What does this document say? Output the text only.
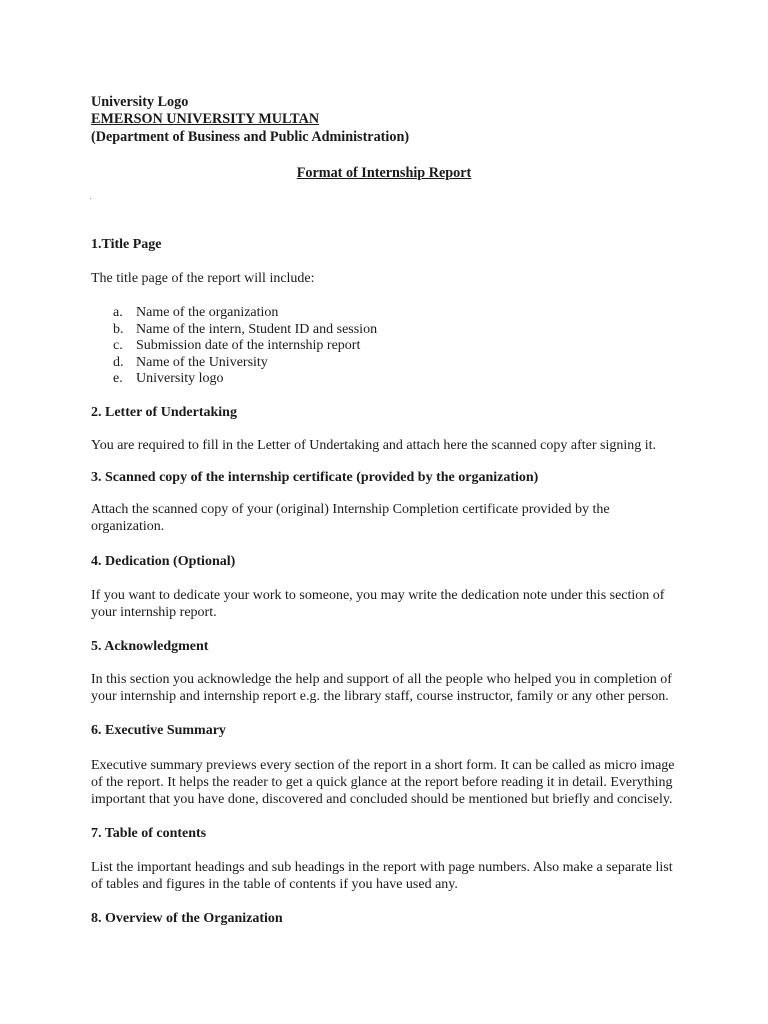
University Logo

EMERSON UNIVERSITY MULTAN

(Department of Business and Public Administration)

Format of Internship Report

1.Title Page

The title page of the report will include:

a. Name of the organization
b. Name of the intern, Student ID and session
c. Submission date of the internship report
d. Name of the University
e. University logo

2. Letter of Undertaking

You are required to fill in the Letter of Undertaking and attach here the scanned copy after signing it.

3. Scanned copy of the internship certificate (provided by the organization)

Attach the scanned copy of your (original) Internship Completion certificate provided by the organization.

4. Dedication (Optional)

If you want to dedicate your work to someone, you may write the dedication note under this section of your internship report.

5. Acknowledgment

In this section you acknowledge the help and support of all the people who helped you in completion of your internship and internship report e.g. the library staff, course instructor, family or any other person.

6. Executive Summary

Executive summary previews every section of the report in a short form. It can be called as micro image of the report. It helps the reader to get a quick glance at the report before reading it in detail. Everything important that you have done, discovered and concluded should be mentioned but briefly and concisely.

7. Table of contents

List the important headings and sub headings in the report with page numbers. Also make a separate list of tables and figures in the table of contents if you have used any.

8. Overview of the Organization
